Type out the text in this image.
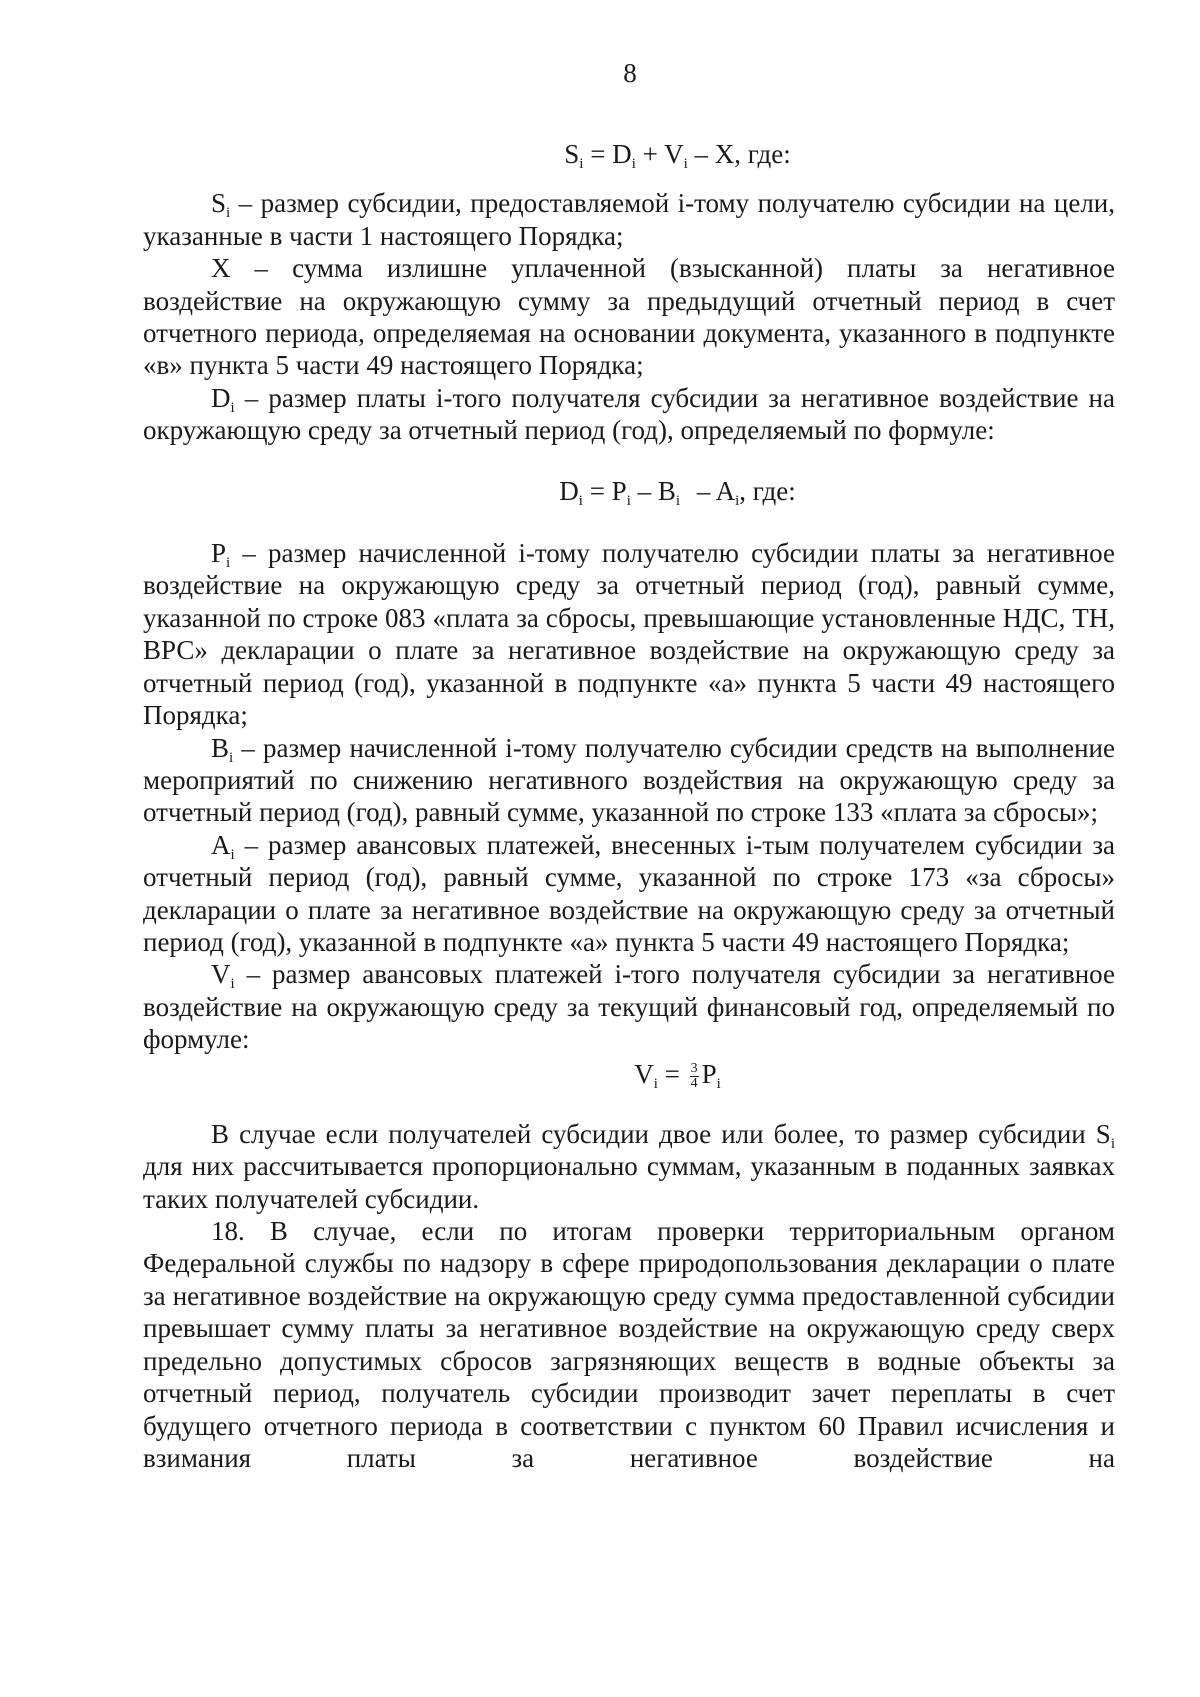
8

$S_i = D_i + V_i - X$, где:

$S_i$ – размер субсидии, предоставляемой i-тому получателю субсидии на цели, указанные в части 1 настоящего Порядка;

X – сумма излишне уплаченной (взысканной) платы за негативное воздействие на окружающую сумму за предыдущий отчетный период в счет отчетного периода, определяемая на основании документа, указанного в подпункте «в» пункта 5 части 49 настоящего Порядка;

$D_i$ – размер платы i-того получателя субсидии за негативное воздействие на окружающую среду за отчетный период (год), определяемый по формуле:

$D_i = P_i - B_i - A_i$, где:

$P_i$ – размер начисленной i-тому получателю субсидии платы за негативное воздействие на окружающую среду за отчетный период (год), равный сумме, указанной по строке 083 «плата за сбросы, превышающие установленные НДС, ТН, ВРС» декларации о плате за негативное воздействие на окружающую среду за отчетный период (год), указанной в подпункте «а» пункта 5 части 49 настоящего Порядка;

$B_i$ – размер начисленной i-тому получателю субсидии средств на выполнение мероприятий по снижению негативного воздействия на окружающую среду за отчетный период (год), равный сумме, указанной по строке 133 «плата за сбросы»;

$A_i$ – размер авансовых платежей, внесенных i-тым получателем субсидии за отчетный период (год), равный сумме, указанной по строке 173 «за сбросы» декларации о плате за негативное воздействие на окружающую среду за отчетный период (год), указанной в подпункте «а» пункта 5 части 49 настоящего Порядка;

$V_i$ – размер авансовых платежей i-того получателя субсидии за негативное воздействие на окружающую среду за текущий финансовый год, определяемый по формуле:

$V_i = \frac{3}{4} P_i$

В случае если получателей субсидии двое или более, то размер субсидии $S_i$ для них рассчитывается пропорционально суммам, указанным в поданных заявках таких получателей субсидии.

18. В случае, если по итогам проверки территориальным органом Федеральной службы по надзору в сфере природопользования декларации о плате за негативное воздействие на окружающую среду сумма предоставленной субсидии превышает сумму платы за негативное воздействие на окружающую среду сверх предельно допустимых сбросов загрязняющих веществ в водные объекты за отчетный период, получатель субсидии производит зачет переплаты в счет будущего отчетного периода в соответствии с пунктом 60 Правил исчисления и взимания платы за негативное воздействие на
